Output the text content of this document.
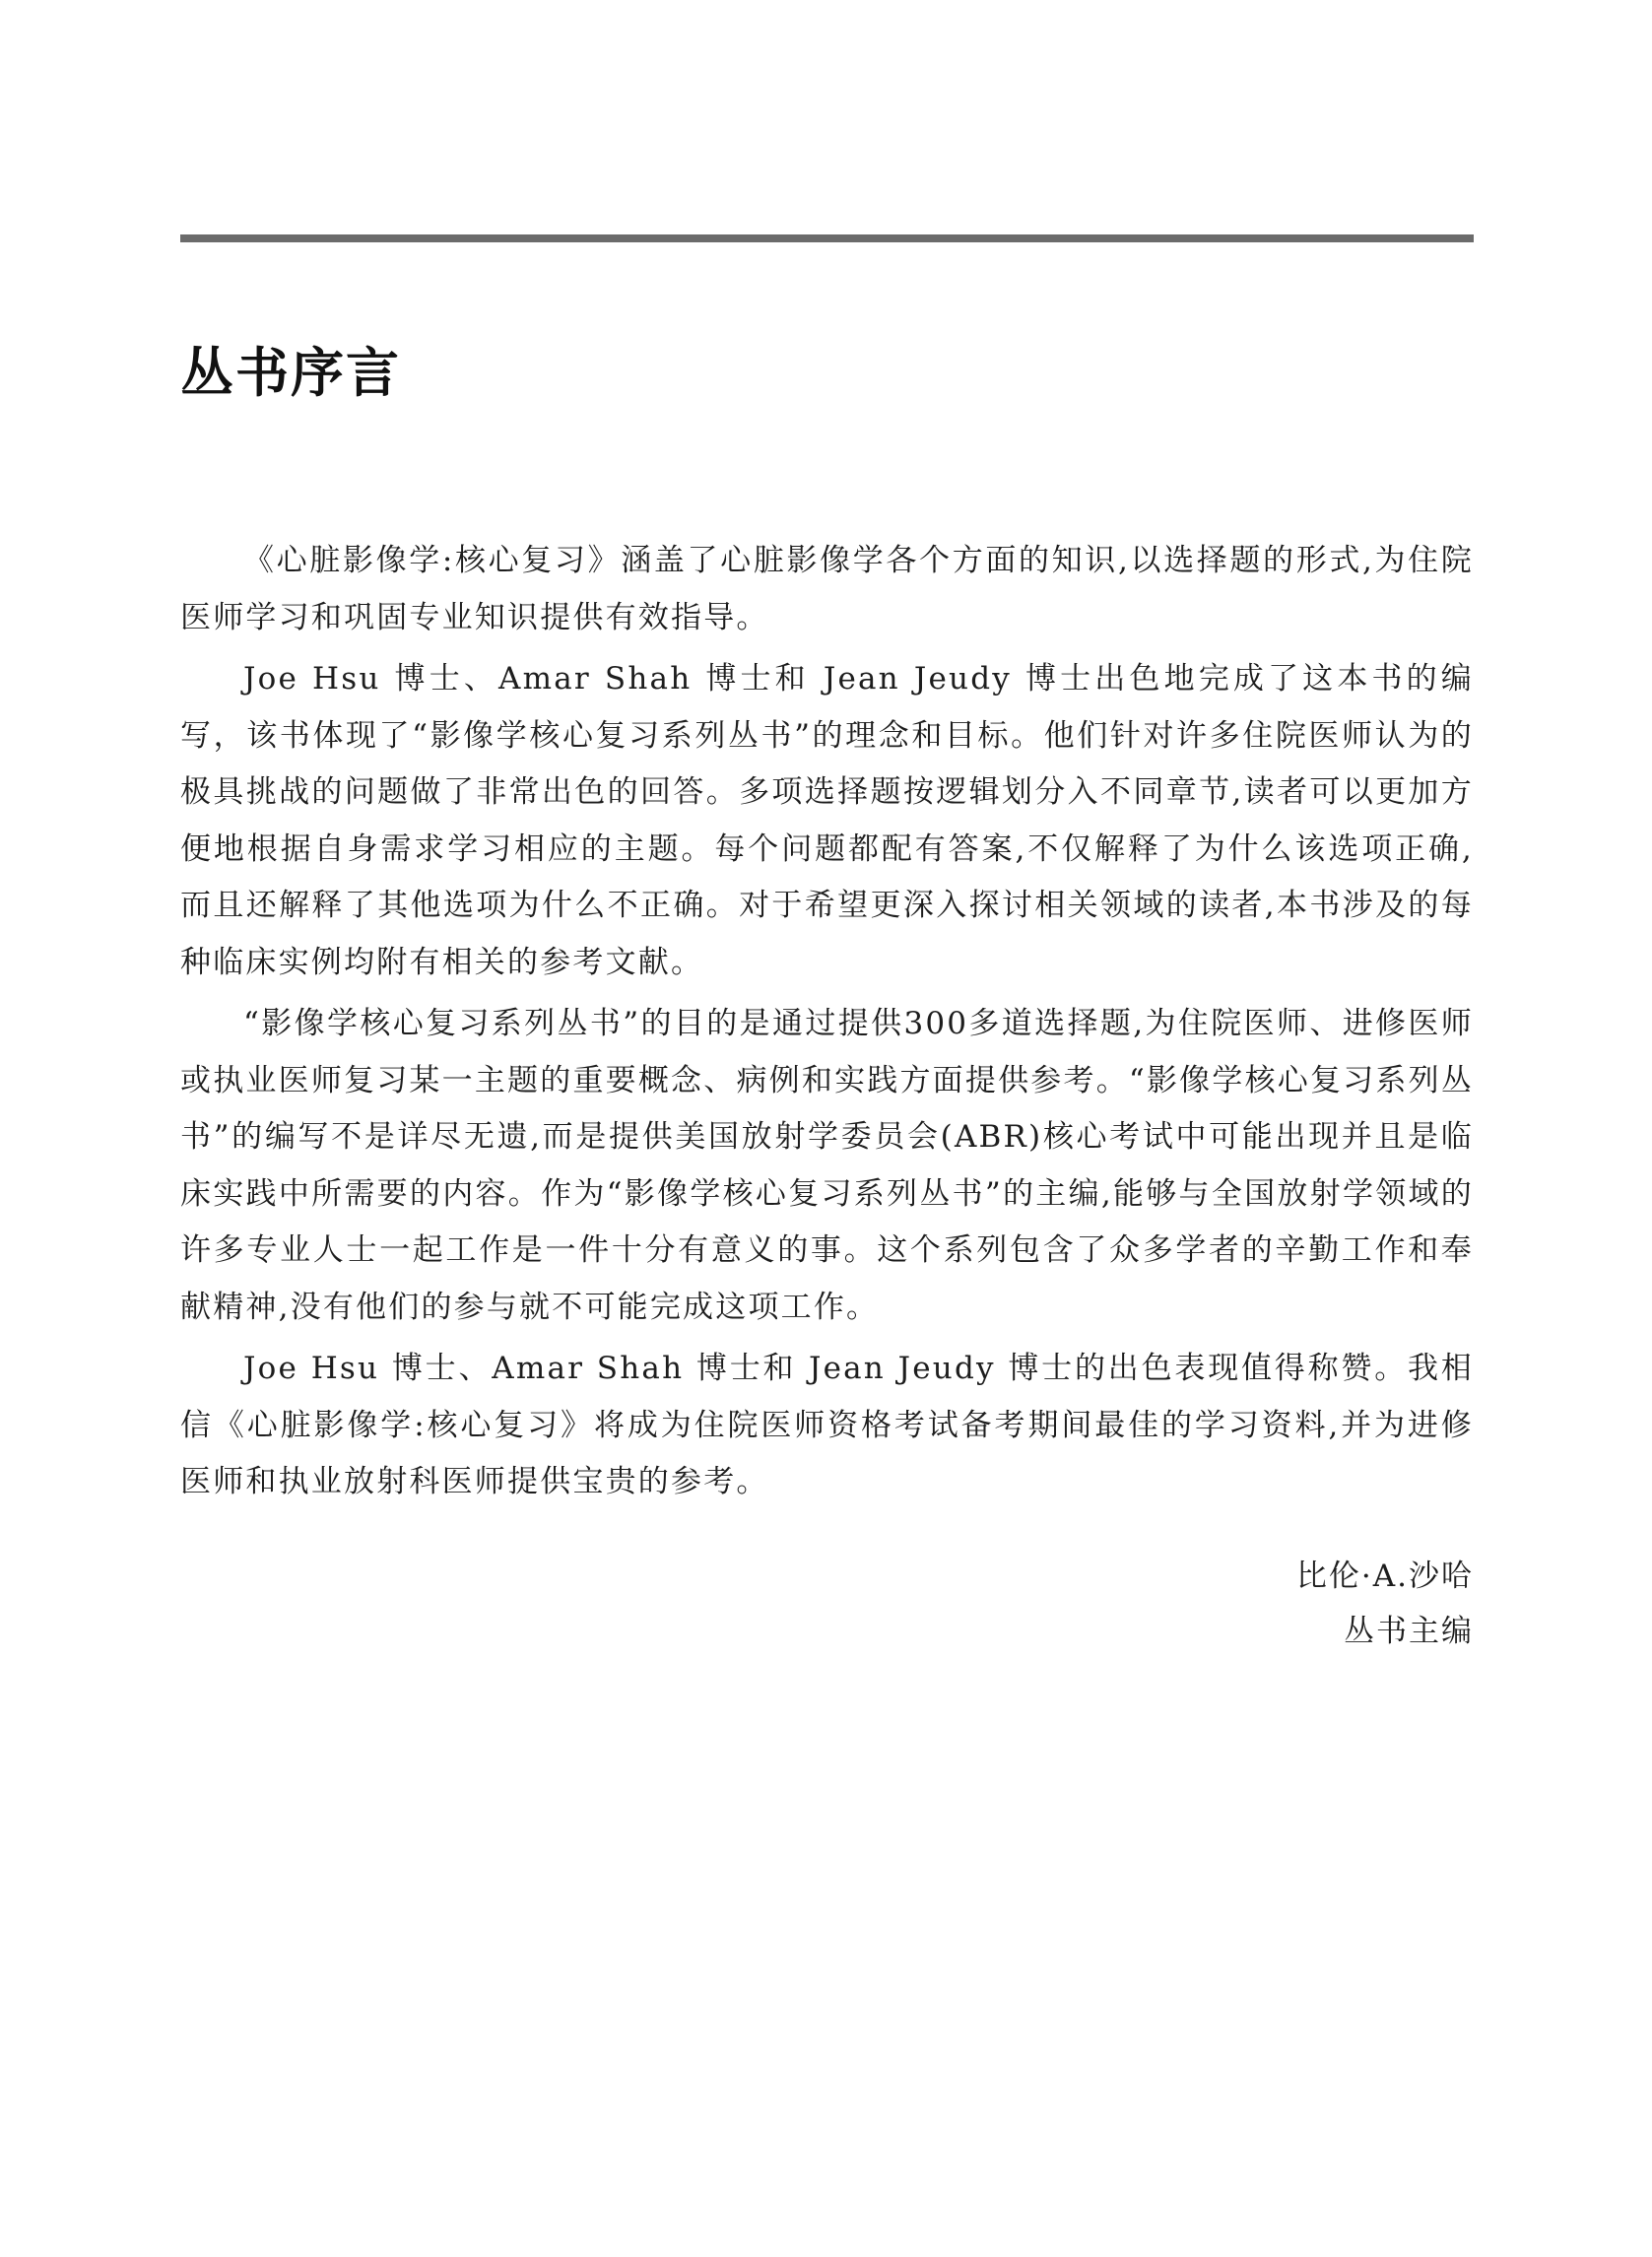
丛书序言

《心脏影像学:核心复习》涵盖了心脏影像学各个方面的知识,以选择题的形式,为住院医师学习和巩固专业知识提供有效指导。

Joe Hsu 博士、Amar Shah 博士和 Jean Jeudy 博士出色地完成了这本书的编写，该书体现了“影像学核心复习系列丛书”的理念和目标。他们针对许多住院医师认为的极具挑战的问题做了非常出色的回答。多项选择题按逻辑划分入不同章节,读者可以更加方便地根据自身需求学习相应的主题。每个问题都配有答案,不仅解释了为什么该选项正确,而且还解释了其他选项为什么不正确。对于希望更深入探讨相关领域的读者,本书涉及的每种临床实例均附有相关的参考文献。

“影像学核心复习系列丛书”的目的是通过提供300多道选择题,为住院医师、进修医师或执业医师复习某一主题的重要概念、病例和实践方面提供参考。“影像学核心复习系列丛书”的编写不是详尽无遗,而是提供美国放射学委员会(ABR)核心考试中可能出现并且是临床实践中所需要的内容。作为“影像学核心复习系列丛书”的主编,能够与全国放射学领域的许多专业人士一起工作是一件十分有意义的事。这个系列包含了众多学者的辛勤工作和奉献精神,没有他们的参与就不可能完成这项工作。

Joe Hsu 博士、Amar Shah 博士和 Jean Jeudy 博士的出色表现值得称赞。我相信《心脏影像学:核心复习》将成为住院医师资格考试备考期间最佳的学习资料,并为进修医师和执业放射科医师提供宝贵的参考。

比伦·A.沙哈
丛书主编
